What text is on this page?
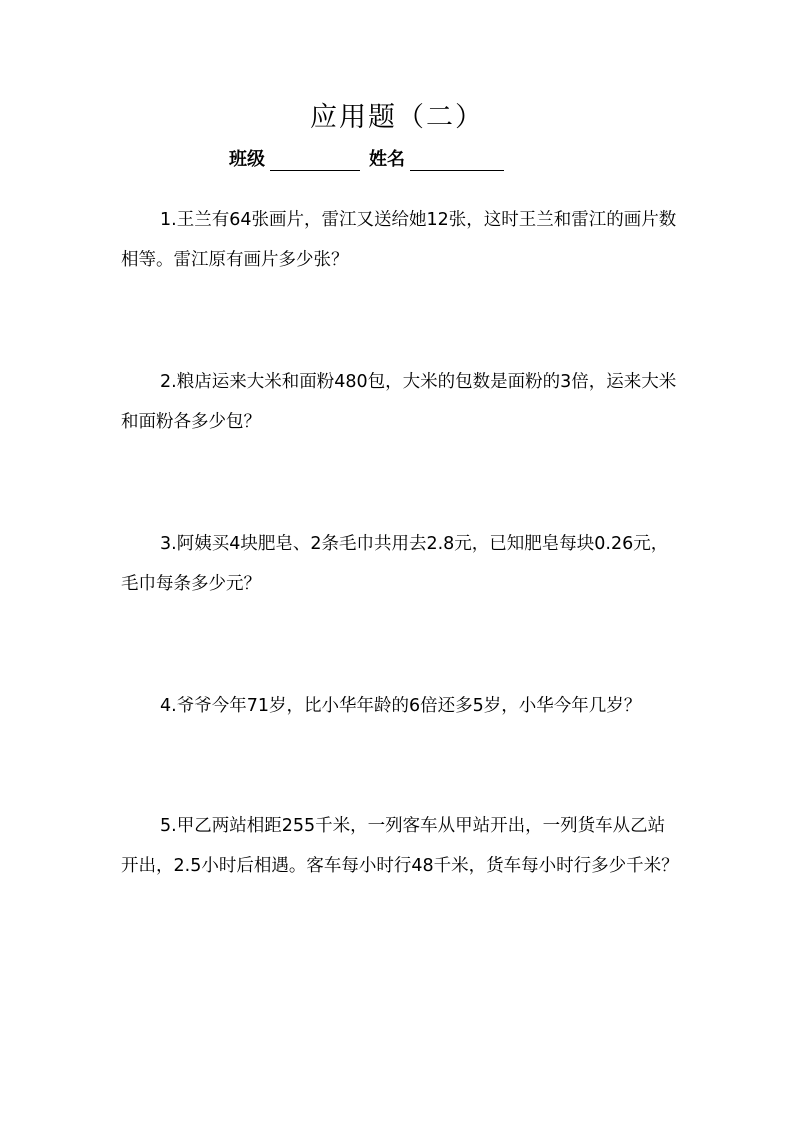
应用题（二）
班级	姓名

1.王兰有64张画片，雷江又送给她12张，这时王兰和雷江的画片数相等。雷江原有画片多少张？

2.粮店运来大米和面粉480包，大米的包数是面粉的3倍，运来大米和面粉各多少包？

3.阿姨买4块肥皂、2条毛巾共用去2.8元，已知肥皂每块0.26元，毛巾每条多少元？

4.爷爷今年71岁，比小华年龄的6倍还多5岁，小华今年几岁？

5.甲乙两站相距255千米，一列客车从甲站开出，一列货车从乙站开出，2.5小时后相遇。客车每小时行48千米，货车每小时行多少千米？
